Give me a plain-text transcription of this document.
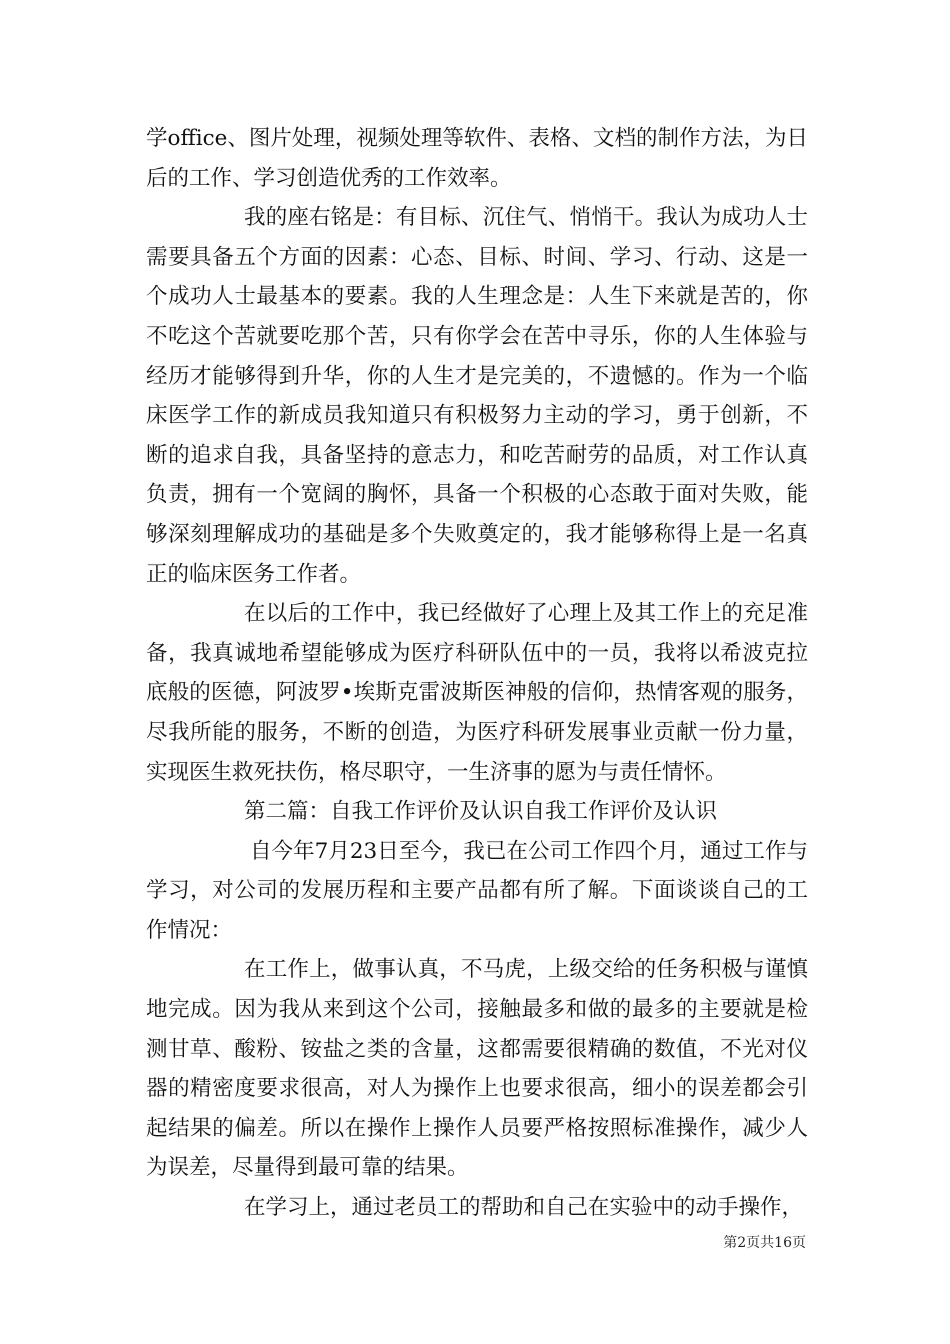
学office、图片处理，视频处理等软件、表格、文档的制作方法，为日后的工作、学习创造优秀的工作效率。

我的座右铭是：有目标、沉住气、悄悄干。我认为成功人士需要具备五个方面的因素：心态、目标、时间、学习、行动、这是一个成功人士最基本的要素。我的人生理念是：人生下来就是苦的，你不吃这个苦就要吃那个苦，只有你学会在苦中寻乐，你的人生体验与经历才能够得到升华，你的人生才是完美的，不遗憾的。作为一个临床医学工作的新成员我知道只有积极努力主动的学习，勇于创新，不断的追求自我，具备坚持的意志力，和吃苦耐劳的品质，对工作认真负责，拥有一个宽阔的胸怀，具备一个积极的心态敢于面对失败，能够深刻理解成功的基础是多个失败奠定的，我才能够称得上是一名真正的临床医务工作者。

在以后的工作中，我已经做好了心理上及其工作上的充足准备，我真诚地希望能够成为医疗科研队伍中的一员，我将以希波克拉底般的医德，阿波罗•埃斯克雷波斯医神般的信仰，热情客观的服务，尽我所能的服务，不断的创造，为医疗科研发展事业贡献一份力量，实现医生救死扶伤，格尽职守，一生济事的愿为与责任情怀。

第二篇：自我工作评价及认识自我工作评价及认识

自今年7月23日至今，我已在公司工作四个月，通过工作与学习，对公司的发展历程和主要产品都有所了解。下面谈谈自己的工作情况：

在工作上，做事认真，不马虎，上级交给的任务积极与谨慎地完成。因为我从来到这个公司，接触最多和做的最多的主要就是检测甘草、酸粉、铵盐之类的含量，这都需要很精确的数值，不光对仪器的精密度要求很高，对人为操作上也要求很高，细小的误差都会引起结果的偏差。所以在操作上操作人员要严格按照标准操作，减少人为误差，尽量得到最可靠的结果。

在学习上，通过老员工的帮助和自己在实验中的动手操作，

第2页共16页
